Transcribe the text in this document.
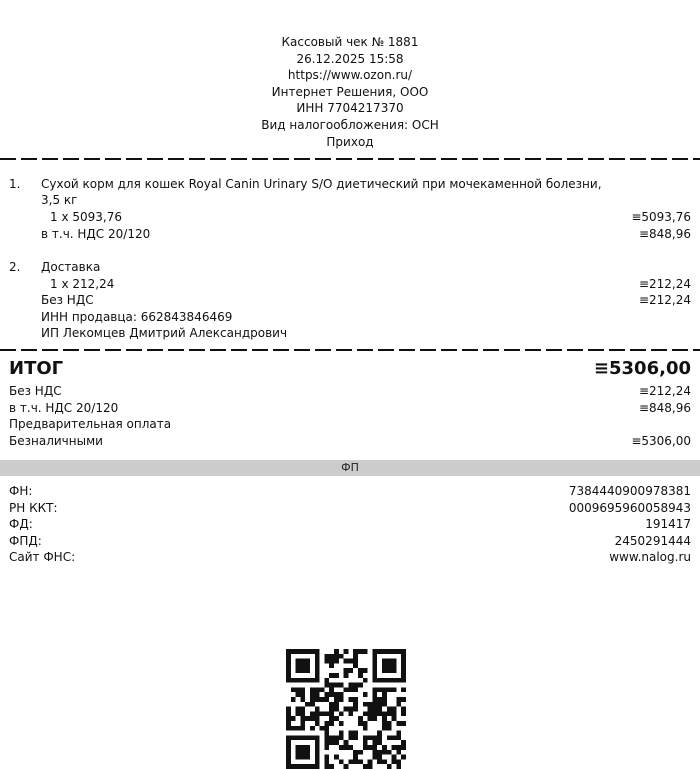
Кассовый чек № 1881
26.12.2025 15:58
https://www.ozon.ru/
Интернет Решения, ООО
ИНН 7704217370
Вид налогообложения: ОСН
Приход
1. Сухой корм для кошек Royal Canin Urinary S/O диетический при мочекаменной болезни,
3,5 кг
1 x 5093,76	≡5093,76
в т.ч. НДС 20/120	≡848,96
2. Доставка
1 x 212,24	≡212,24
Без НДС	≡212,24
ИНН продавца: 662843846469
ИП Лекомцев Дмитрий Александрович
ИТОГ	≡5306,00
Без НДС	≡212,24
в т.ч. НДС 20/120	≡848,96
Предварительная оплата
Безналичными	≡5306,00
ФП
ФН:	7384440900978381
РН ККТ:	0009695960058943
ФД:	191417
ФПД:	2450291444
Сайт ФНС:	www.nalog.ru
